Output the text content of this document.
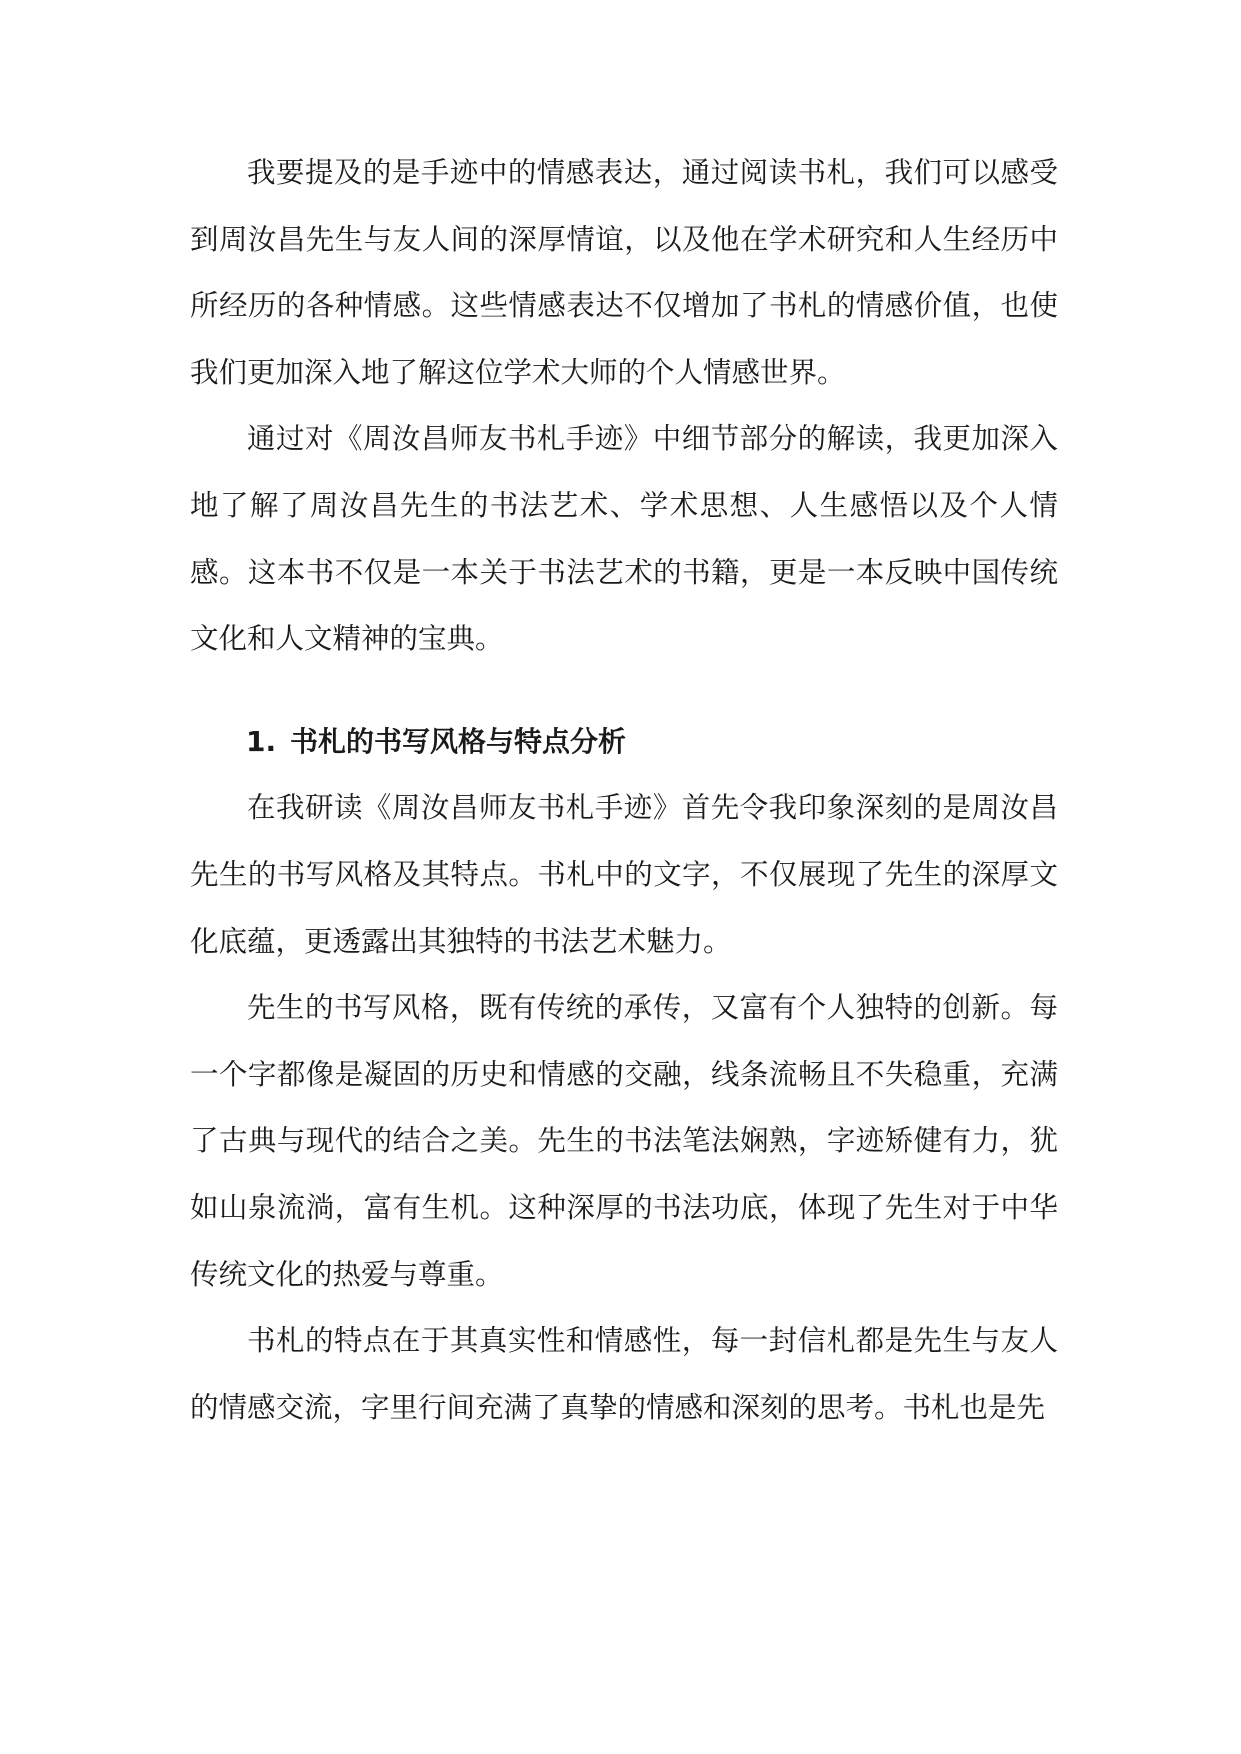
我要提及的是手迹中的情感表达，通过阅读书札，我们可以感受到周汝昌先生与友人间的深厚情谊，以及他在学术研究和人生经历中所经历的各种情感。这些情感表达不仅增加了书札的情感价值，也使我们更加深入地了解这位学术大师的个人情感世界。

通过对《周汝昌师友书札手迹》中细节部分的解读，我更加深入地了解了周汝昌先生的书法艺术、学术思想、人生感悟以及个人情感。这本书不仅是一本关于书法艺术的书籍，更是一本反映中国传统文化和人文精神的宝典。

1. 书札的书写风格与特点分析

在我研读《周汝昌师友书札手迹》首先令我印象深刻的是周汝昌先生的书写风格及其特点。书札中的文字，不仅展现了先生的深厚文化底蕴，更透露出其独特的书法艺术魅力。

先生的书写风格，既有传统的承传，又富有个人独特的创新。每一个字都像是凝固的历史和情感的交融，线条流畅且不失稳重，充满了古典与现代的结合之美。先生的书法笔法娴熟，字迹矫健有力，犹如山泉流淌，富有生机。这种深厚的书法功底，体现了先生对于中华传统文化的热爱与尊重。

书札的特点在于其真实性和情感性，每一封信札都是先生与友人的情感交流，字里行间充满了真挚的情感和深刻的思考。书札也是先
